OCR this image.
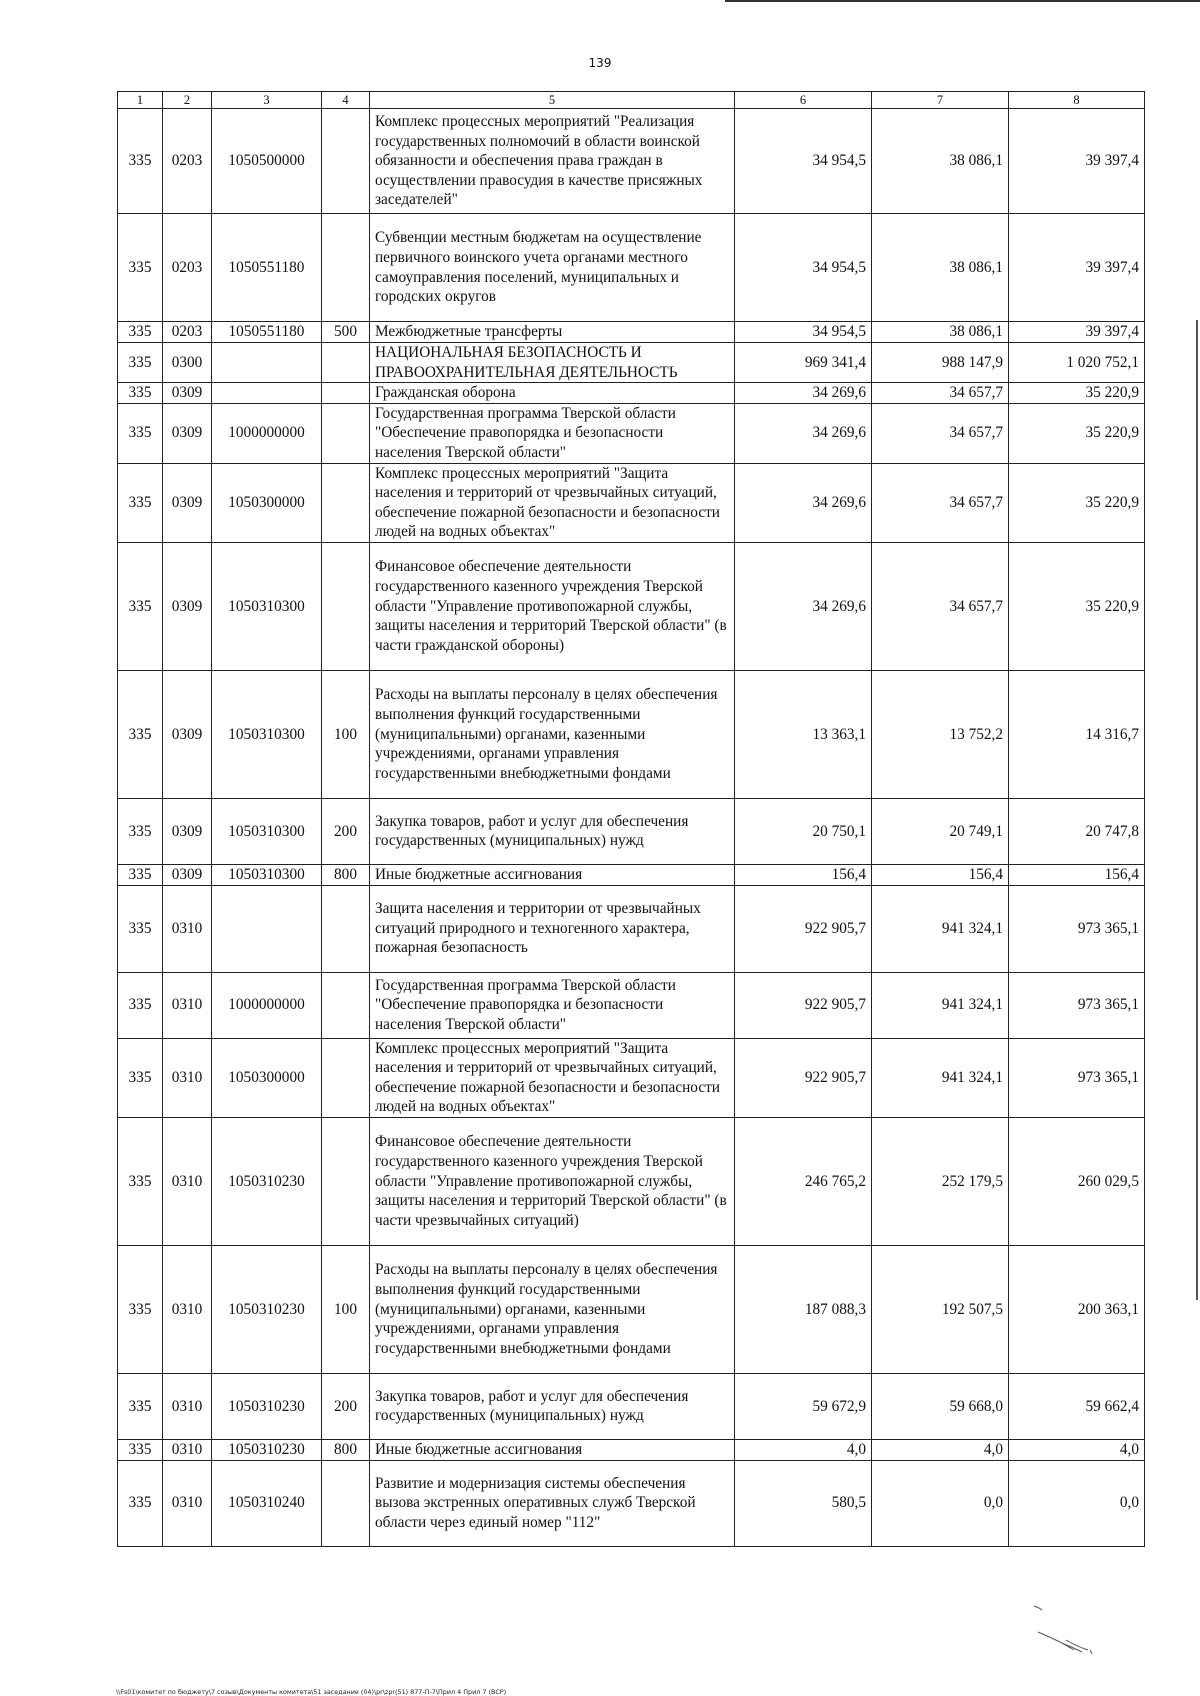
139
1	2	3	4	5	6	7	8
335	0203	1050500000		Комплекс процессных мероприятий "Реализация государственных полномочий в области воинской обязанности и обеспечения права граждан в осуществлении правосудия в качестве присяжных заседателей"	34 954,5	38 086,1	39 397,4
335	0203	1050551180		Субвенции местным бюджетам на осуществление первичного воинского учета органами местного самоуправления поселений, муниципальных и городских округов	34 954,5	38 086,1	39 397,4
335	0203	1050551180	500	Межбюджетные трансферты	34 954,5	38 086,1	39 397,4
335	0300			НАЦИОНАЛЬНАЯ БЕЗОПАСНОСТЬ И ПРАВООХРАНИТЕЛЬНАЯ ДЕЯТЕЛЬНОСТЬ	969 341,4	988 147,9	1 020 752,1
335	0309			Гражданская оборона	34 269,6	34 657,7	35 220,9
335	0309	1000000000		Государственная программа Тверской области "Обеспечение правопорядка и безопасности населения Тверской области"	34 269,6	34 657,7	35 220,9
335	0309	1050300000		Комплекс процессных мероприятий "Защита населения и территорий от чрезвычайных ситуаций, обеспечение пожарной безопасности и безопасности людей на водных объектах"	34 269,6	34 657,7	35 220,9
335	0309	1050310300		Финансовое обеспечение деятельности государственного казенного учреждения Тверской области "Управление противопожарной службы, защиты населения и территорий Тверской области" (в части гражданской обороны)	34 269,6	34 657,7	35 220,9
335	0309	1050310300	100	Расходы на выплаты персоналу в целях обеспечения выполнения функций государственными (муниципальными) органами, казенными учреждениями, органами управления государственными внебюджетными фондами	13 363,1	13 752,2	14 316,7
335	0309	1050310300	200	Закупка товаров, работ и услуг для обеспечения государственных (муниципальных) нужд	20 750,1	20 749,1	20 747,8
335	0309	1050310300	800	Иные бюджетные ассигнования	156,4	156,4	156,4
335	0310			Защита населения и территории от чрезвычайных ситуаций природного и техногенного характера, пожарная безопасность	922 905,7	941 324,1	973 365,1
335	0310	1000000000		Государственная программа Тверской области "Обеспечение правопорядка и безопасности населения Тверской области"	922 905,7	941 324,1	973 365,1
335	0310	1050300000		Комплекс процессных мероприятий "Защита населения и территорий от чрезвычайных ситуаций, обеспечение пожарной безопасности и безопасности людей на водных объектах"	922 905,7	941 324,1	973 365,1
335	0310	1050310230		Финансовое обеспечение деятельности государственного казенного учреждения Тверской области "Управление противопожарной службы, защиты населения и территорий Тверской области" (в части чрезвычайных ситуаций)	246 765,2	252 179,5	260 029,5
335	0310	1050310230	100	Расходы на выплаты персоналу в целях обеспечения выполнения функций государственными (муниципальными) органами, казенными учреждениями, органами управления государственными внебюджетными фондами	187 088,3	192 507,5	200 363,1
335	0310	1050310230	200	Закупка товаров, работ и услуг для обеспечения государственных (муниципальных) нужд	59 672,9	59 668,0	59 662,4
335	0310	1050310230	800	Иные бюджетные ассигнования	4,0	4,0	4,0
335	0310	1050310240		Развитие и модернизация системы обеспечения вызова экстренных оперативных служб Тверской области через единый номер "112"	580,5	0,0	0,0
\\Fs01\комитет по бюджету\7 созыв\Документы комитета\51 заседание (04)\pr\zpr(51) 877-П-7\Прил 4 Прил 7 (ВСР)
